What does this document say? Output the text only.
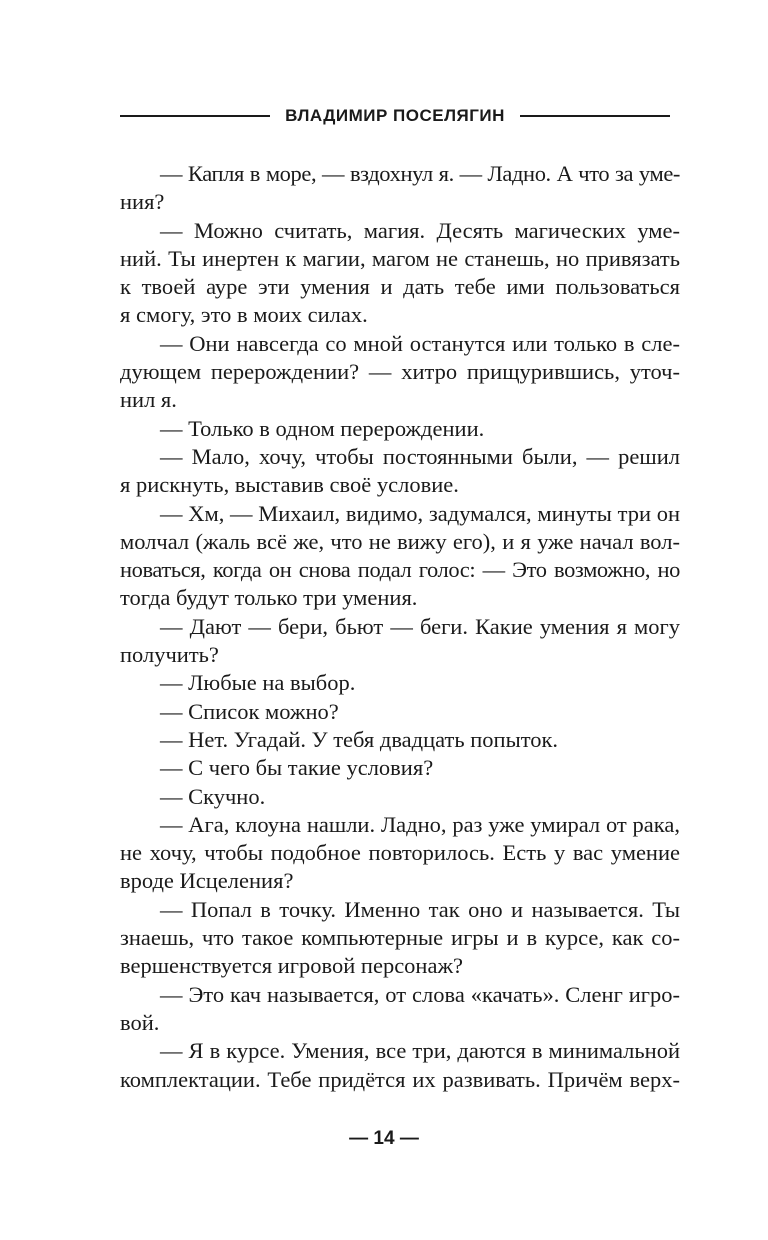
ВЛАДИМИР ПОСЕЛЯГИН
— Капля в море, — вздохнул я. — Ладно. А что за уме-
ния?
— Можно считать, магия. Десять магических уме-
ний. Ты инертен к магии, магом не станешь, но привязать
к твоей ауре эти умения и дать тебе ими пользоваться
я смогу, это в моих силах.
— Они навсегда со мной останутся или только в сле-
дующем перерождении? — хитро прищурившись, уточ-
нил я.
— Только в одном перерождении.
— Мало, хочу, чтобы постоянными были, — решил
я рискнуть, выставив своё условие.
— Хм, — Михаил, видимо, задумался, минуты три он
молчал (жаль всё же, что не вижу его), и я уже начал вол-
новаться, когда он снова подал голос: — Это возможно, но
тогда будут только три умения.
— Дают — бери, бьют — беги. Какие умения я могу
получить?
— Любые на выбор.
— Список можно?
— Нет. Угадай. У тебя двадцать попыток.
— С чего бы такие условия?
— Скучно.
— Ага, клоуна нашли. Ладно, раз уже умирал от рака,
не хочу, чтобы подобное повторилось. Есть у вас умение
вроде Исцеления?
— Попал в точку. Именно так оно и называется. Ты
знаешь, что такое компьютерные игры и в курсе, как со-
вершенствуется игровой персонаж?
— Это кач называется, от слова «качать». Сленг игро-
вой.
— Я в курсе. Умения, все три, даются в минимальной
комплектации. Тебе придётся их развивать. Причём верх-
— 14 —
